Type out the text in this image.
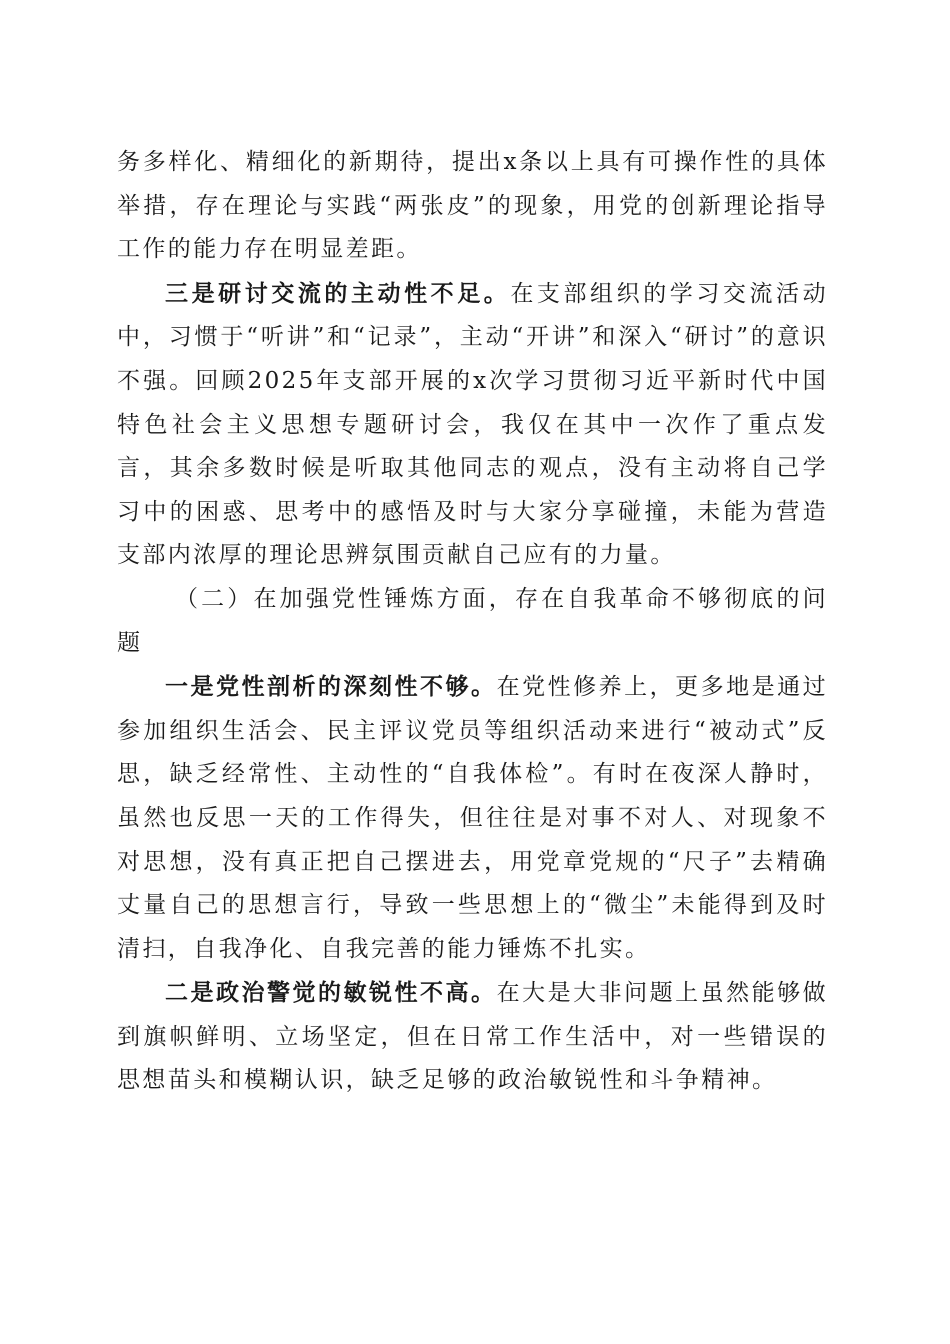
务多样化、精细化的新期待，提出x条以上具有可操作性的具体举措，存在理论与实践“两张皮”的现象，用党的创新理论指导工作的能力存在明显差距。

三是研讨交流的主动性不足。在支部组织的学习交流活动中，习惯于“听讲”和“记录”，主动“开讲”和深入“研讨”的意识不强。回顾2025年支部开展的x次学习贯彻习近平新时代中国特色社会主义思想专题研讨会，我仅在其中一次作了重点发言，其余多数时候是听取其他同志的观点，没有主动将自己学习中的困惑、思考中的感悟及时与大家分享碰撞，未能为营造支部内浓厚的理论思辨氛围贡献自己应有的力量。

（二）在加强党性锤炼方面，存在自我革命不够彻底的问题

一是党性剖析的深刻性不够。在党性修养上，更多地是通过参加组织生活会、民主评议党员等组织活动来进行“被动式”反思，缺乏经常性、主动性的“自我体检”。有时在夜深人静时，虽然也反思一天的工作得失，但往往是对事不对人、对现象不对思想，没有真正把自己摆进去，用党章党规的“尺子”去精确丈量自己的思想言行，导致一些思想上的“微尘”未能得到及时清扫，自我净化、自我完善的能力锤炼不扎实。

二是政治警觉的敏锐性不高。在大是大非问题上虽然能够做到旗帜鲜明、立场坚定，但在日常工作生活中，对一些错误的思想苗头和模糊认识，缺乏足够的政治敏锐性和斗争精神。
